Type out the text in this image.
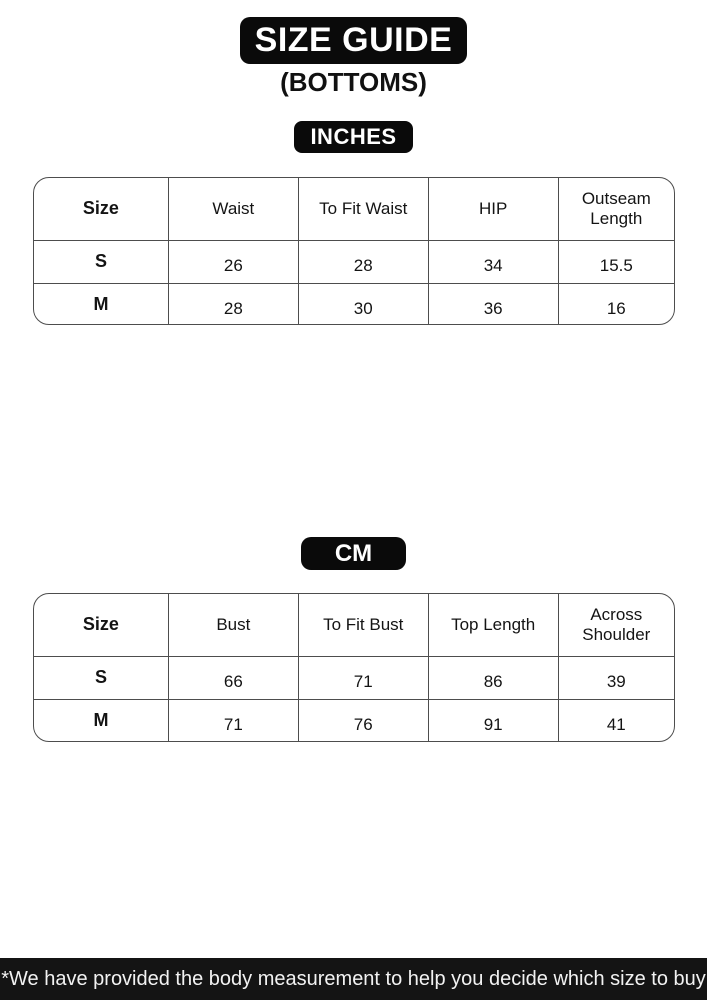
SIZE GUIDE
(BOTTOMS)
INCHES
Size	Waist	To Fit Waist	HIP	Outseam Length
S	26	28	34	15.5
M	28	30	36	16
CM
Size	Bust	To Fit Bust	Top Length	Across Shoulder
S	66	71	86	39
M	71	76	91	41
*We have provided the body measurement to help you decide which size to buy
